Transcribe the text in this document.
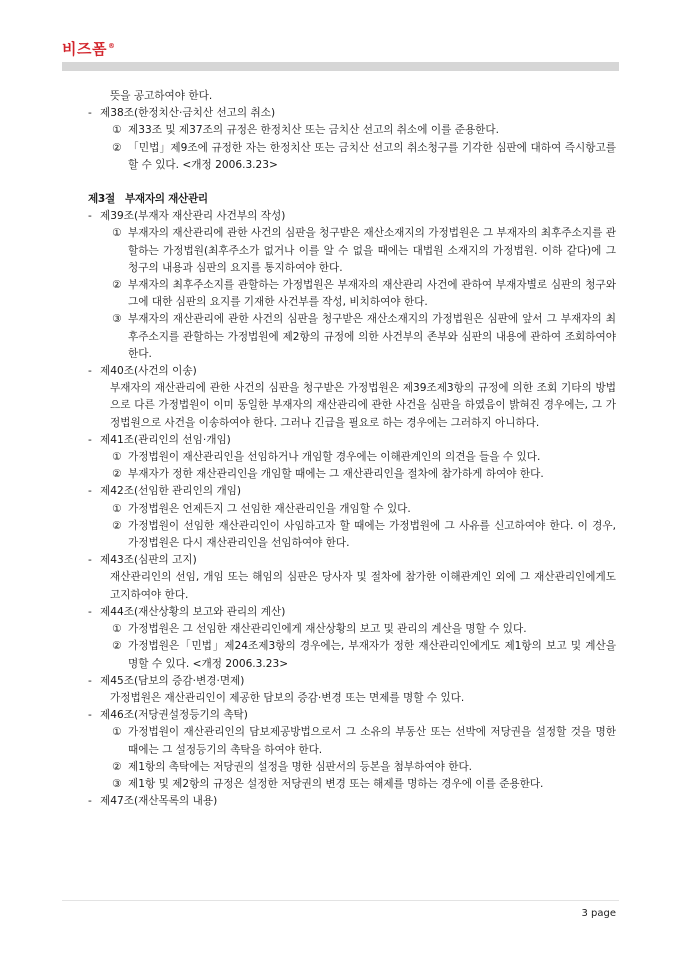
비즈폼®

뜻을 공고하여야 한다.

- 제38조(한정치산·금치산 선고의 취소)

① 제33조 및 제37조의 규정은 한정치산 또는 금치산 선고의 취소에 이를 준용한다.

② 「민법」제9조에 규정한 자는 한정치산 또는 금치산 선고의 취소청구를 기각한 심판에 대하여 즉시항고를 할 수 있다. <개정 2006.3.23>

제3절 부재자의 재산관리

- 제39조(부재자 재산관리 사건부의 작성)

① 부재자의 재산관리에 관한 사건의 심판을 청구받은 재산소재지의 가정법원은 그 부재자의 최후주소지를 관할하는 가정법원(최후주소가 없거나 이를 알 수 없을 때에는 대법원 소재지의 가정법원. 이하 같다)에 그 청구의 내용과 심판의 요지를 통지하여야 한다.

② 부재자의 최후주소지를 관할하는 가정법원은 부재자의 재산관리 사건에 관하여 부재자별로 심판의 청구와 그에 대한 심판의 요지를 기재한 사건부를 작성, 비치하여야 한다.

③ 부재자의 재산관리에 관한 사건의 심판을 청구받은 재산소재지의 가정법원은 심판에 앞서 그 부재자의 최후주소지를 관할하는 가정법원에 제2항의 규정에 의한 사건부의 존부와 심판의 내용에 관하여 조회하여야 한다.

- 제40조(사건의 이송)

부재자의 재산관리에 관한 사건의 심판을 청구받은 가정법원은 제39조제3항의 규정에 의한 조회 기타의 방법으로 다른 가정법원이 이미 동일한 부재자의 재산관리에 관한 사건을 심판을 하였음이 밝혀진 경우에는, 그 가정법원으로 사건을 이송하여야 한다. 그러나 긴급을 필요로 하는 경우에는 그러하지 아니하다.

- 제41조(관리인의 선임·개임)

① 가정법원이 재산관리인을 선임하거나 개임할 경우에는 이해관계인의 의견을 들을 수 있다.

② 부재자가 정한 재산관리인을 개임할 때에는 그 재산관리인을 절차에 참가하게 하여야 한다.

- 제42조(선임한 관리인의 개임)

① 가정법원은 언제든지 그 선임한 재산관리인을 개임할 수 있다.

② 가정법원이 선임한 재산관리인이 사임하고자 할 때에는 가정법원에 그 사유를 신고하여야 한다. 이 경우, 가정법원은 다시 재산관리인을 선임하여야 한다.

- 제43조(심판의 고지)

재산관리인의 선임, 개임 또는 해임의 심판은 당사자 및 절차에 참가한 이해관계인 외에 그 재산관리인에게도 고지하여야 한다.

- 제44조(재산상황의 보고와 관리의 계산)

① 가정법원은 그 선임한 재산관리인에게 재산상황의 보고 및 관리의 계산을 명할 수 있다.

② 가정법원은「민법」제24조제3항의 경우에는, 부재자가 정한 재산관리인에게도 제1항의 보고 및 계산을 명할 수 있다. <개정 2006.3.23>

- 제45조(담보의 증감·변경·면제)

가정법원은 재산관리인이 제공한 담보의 증감·변경 또는 면제를 명할 수 있다.

- 제46조(저당권설정등기의 촉탁)

① 가정법원이 재산관리인의 담보제공방법으로서 그 소유의 부동산 또는 선박에 저당권을 설정할 것을 명한 때에는 그 설정등기의 촉탁을 하여야 한다.

② 제1항의 촉탁에는 저당권의 설정을 명한 심판서의 등본을 첨부하여야 한다.

③ 제1항 및 제2항의 규정은 설정한 저당권의 변경 또는 해제를 명하는 경우에 이를 준용한다.

- 제47조(재산목록의 내용)

3 page
